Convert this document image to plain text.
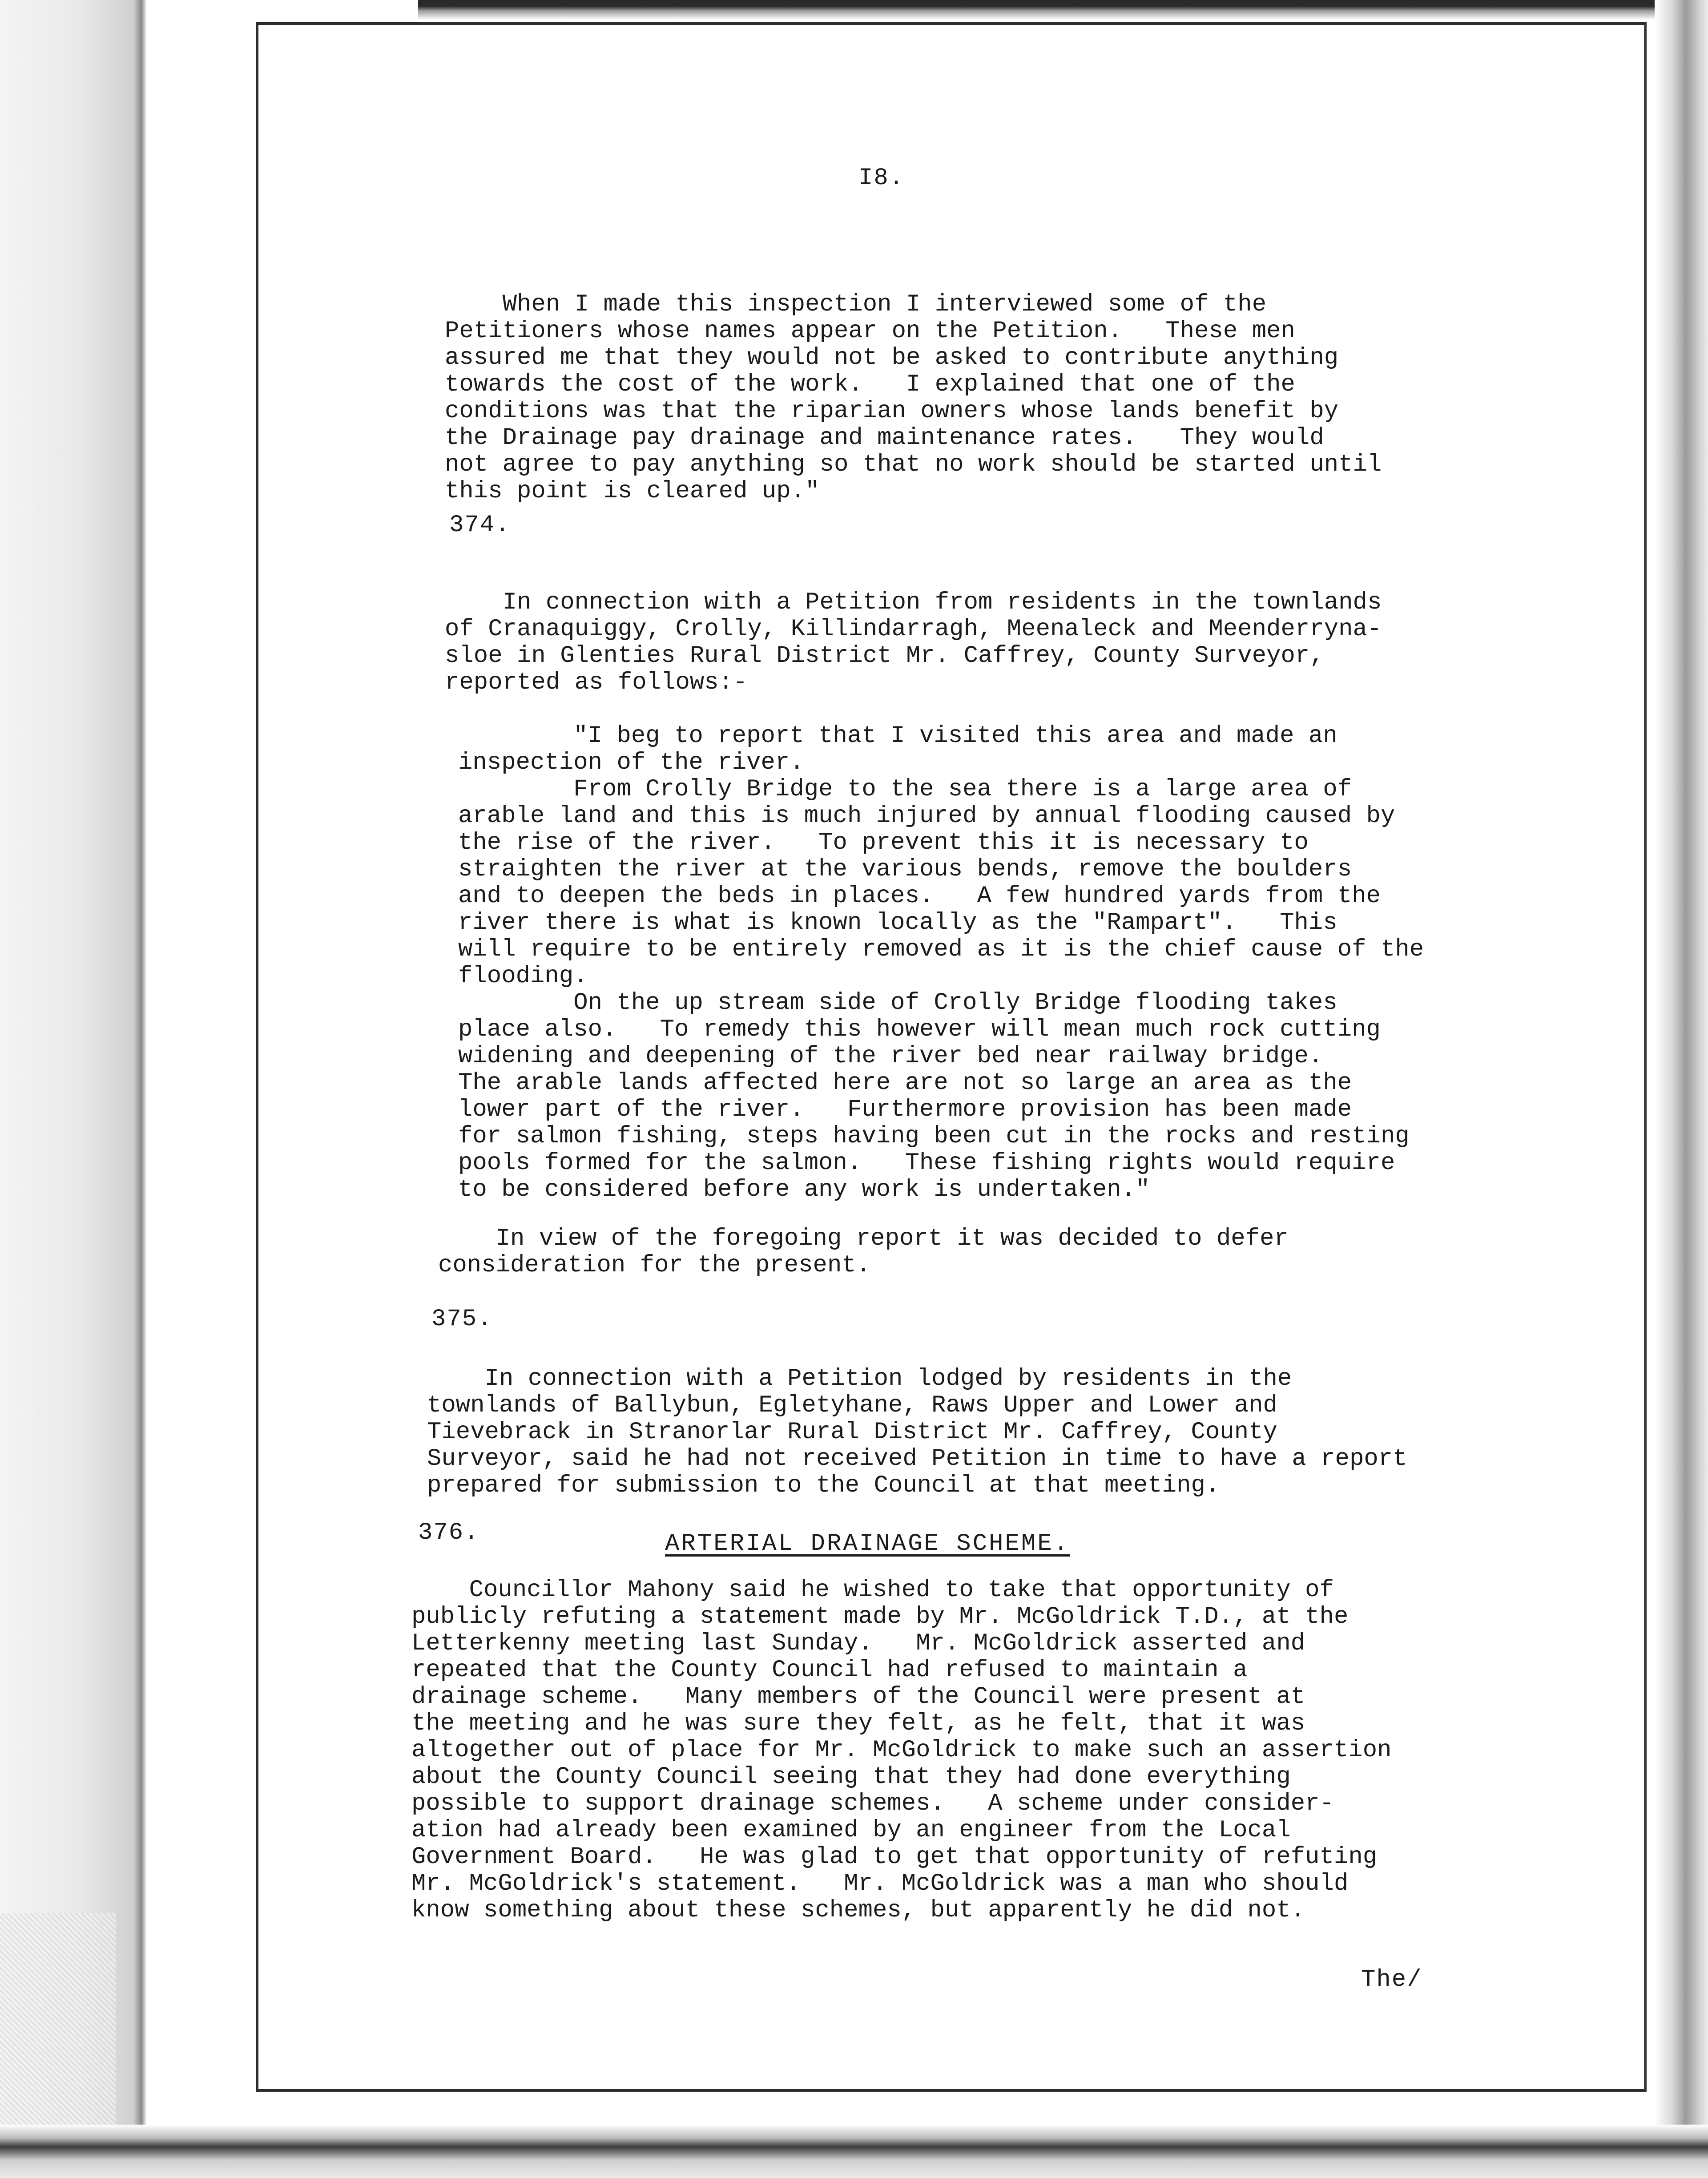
I8.
When I made this inspection I interviewed some of the
Petitioners whose names appear on the Petition.   These men
assured me that they would not be asked to contribute anything
towards the cost of the work.   I explained that one of the
conditions was that the riparian owners whose lands benefit by
the Drainage pay drainage and maintenance rates.   They would
not agree to pay anything so that no work should be started until
this point is cleared up."
374.
In connection with a Petition from residents in the townlands
of Cranaquiggy, Crolly, Killindarragh, Meenaleck and Meenderryna-
sloe in Glenties Rural District Mr. Caffrey, County Surveyor,
reported as follows:-
"I beg to report that I visited this area and made an
inspection of the river.
From Crolly Bridge to the sea there is a large area of
arable land and this is much injured by annual flooding caused by
the rise of the river.   To prevent this it is necessary to
straighten the river at the various bends, remove the boulders
and to deepen the beds in places.   A few hundred yards from the
river there is what is known locally as the "Rampart".   This
will require to be entirely removed as it is the chief cause of the
flooding.
On the up stream side of Crolly Bridge flooding takes
place also.   To remedy this however will mean much rock cutting
widening and deepening of the river bed near railway bridge.
The arable lands affected here are not so large an area as the
lower part of the river.   Furthermore provision has been made
for salmon fishing, steps having been cut in the rocks and resting
pools formed for the salmon.   These fishing rights would require
to be considered before any work is undertaken."
In view of the foregoing report it was decided to defer
consideration for the present.
375.
In connection with a Petition lodged by residents in the
townlands of Ballybun, Egletyhane, Raws Upper and Lower and
Tievebrack in Stranorlar Rural District Mr. Caffrey, County
Surveyor, said he had not received Petition in time to have a report
prepared for submission to the Council at that meeting.
376.	ARTERIAL DRAINAGE SCHEME.
Councillor Mahony said he wished to take that opportunity of
publicly refuting a statement made by Mr. McGoldrick T.D., at the
Letterkenny meeting last Sunday.   Mr. McGoldrick asserted and
repeated that the County Council had refused to maintain a
drainage scheme.   Many members of the Council were present at
the meeting and he was sure they felt, as he felt, that it was
altogether out of place for Mr. McGoldrick to make such an assertion
about the County Council seeing that they had done everything
possible to support drainage schemes.   A scheme under consider-
ation had already been examined by an engineer from the Local
Government Board.   He was glad to get that opportunity of refuting
Mr. McGoldrick's statement.   Mr. McGoldrick was a man who should
know something about these schemes, but apparently he did not.
The/
